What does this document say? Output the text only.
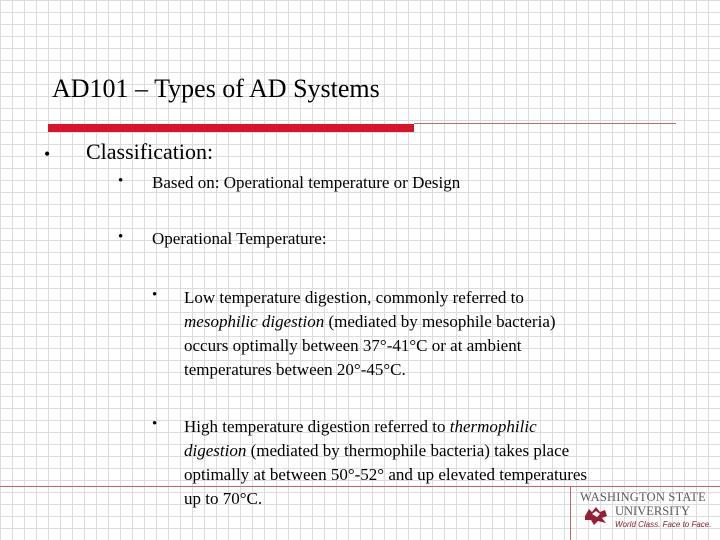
AD101 – Types of AD Systems
• Classification:
• Based on: Operational temperature or Design
• Operational Temperature:
• Low temperature digestion, commonly referred to
mesophilic digestion (mediated by mesophile bacteria)
occurs optimally between 37°-41°C or at ambient
temperatures between 20°-45°C.
• High temperature digestion referred to thermophilic
digestion (mediated by thermophile bacteria) takes place
optimally at between 50°-52° and up elevated temperatures
up to 70°C.	WASHINGTON STATE
UNIVERSITY
World Class. Face to Face.
